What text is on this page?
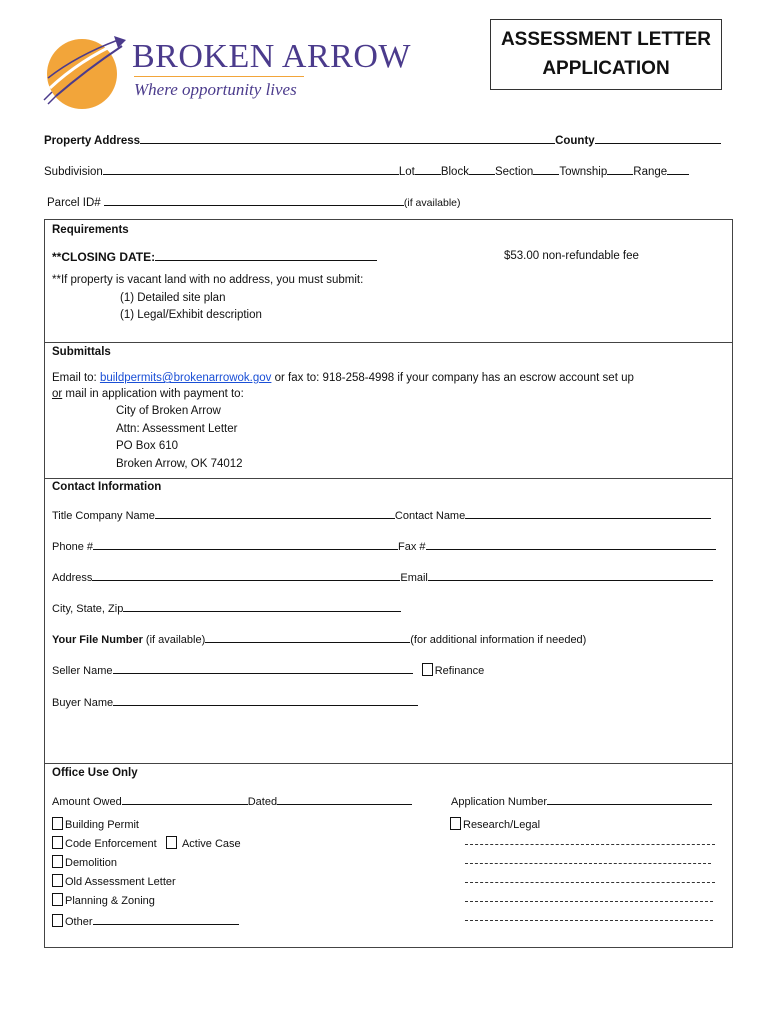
BROKEN ARROW
Where opportunity lives
ASSESSMENT LETTER
APPLICATION
Property Address	County
Subdivision	Lot Block Section Township Range
Parcel ID#	(if available)
Requirements
**CLOSING DATE:	$53.00 non-refundable fee
**If property is vacant land with no address, you must submit:
(1) Detailed site plan
(1) Legal/Exhibit description
Submittals
Email to: buildpermits@brokenarrowok.gov or fax to: 918-258-4998 if your company has an escrow account set up
or mail in application with payment to:
City of Broken Arrow
Attn: Assessment Letter
PO Box 610
Broken Arrow, OK 74012
Contact Information
Title Company Name	Contact Name
Phone #	Fax #
Address	Email
City, State, Zip
Your File Number (if available)	(for additional information if needed)
Seller Name	Refinance
Buyer Name
Office Use Only
Amount Owed	Dated	Application Number
Building Permit	Research/Legal
Code Enforcement Active Case
Demolition
Old Assessment Letter
Planning & Zoning
Other
